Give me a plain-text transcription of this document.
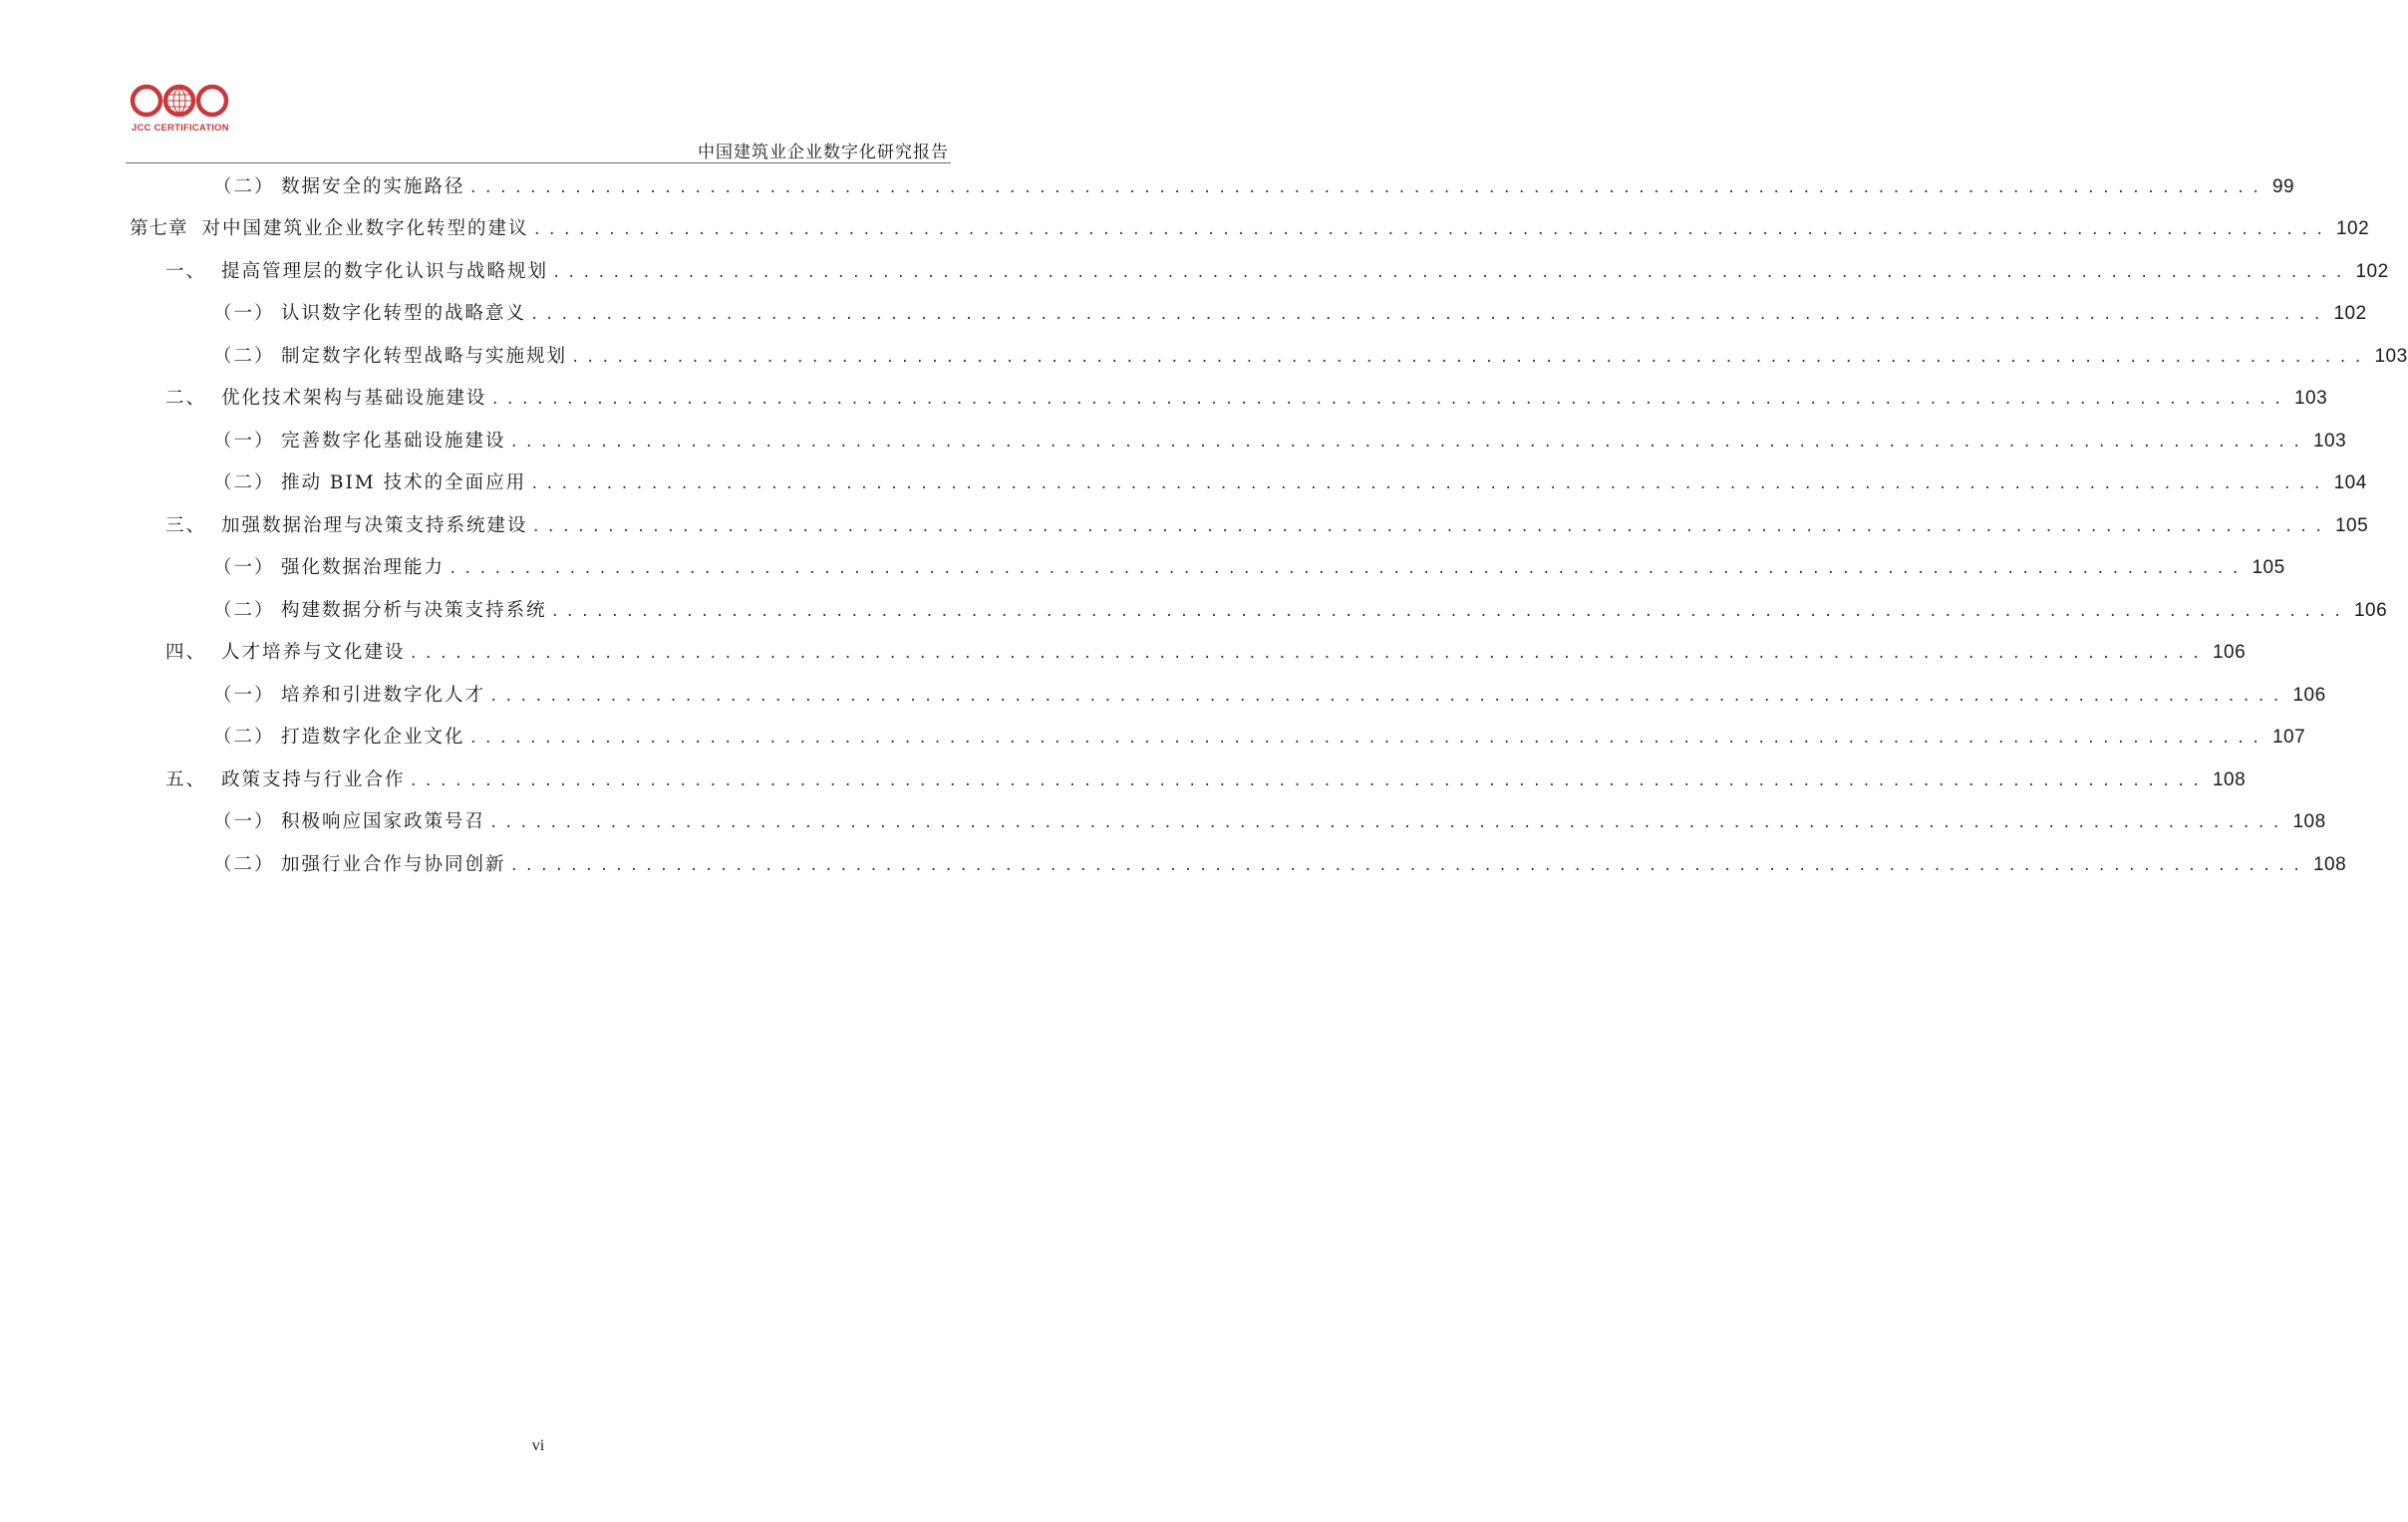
JCC CERTIFICATION
中国建筑业企业数字化研究报告
（二） 数据安全的实施路径 ........................................................................................................................ 99
第七章 对中国建筑业企业数字化转型的建议 ........................................................................................................................ 102
一、 提高管理层的数字化认识与战略规划 ........................................................................................................................ 102
（一） 认识数字化转型的战略意义 ........................................................................................................................ 102
（二） 制定数字化转型战略与实施规划 ........................................................................................................................ 103
二、 优化技术架构与基础设施建设 ........................................................................................................................ 103
（一） 完善数字化基础设施建设 ........................................................................................................................ 103
（二） 推动 BIM 技术的全面应用 ........................................................................................................................ 104
三、 加强数据治理与决策支持系统建设 ........................................................................................................................ 105
（一） 强化数据治理能力 ........................................................................................................................ 105
（二） 构建数据分析与决策支持系统 ........................................................................................................................ 106
四、 人才培养与文化建设 ........................................................................................................................ 106
（一） 培养和引进数字化人才 ........................................................................................................................ 106
（二） 打造数字化企业文化 ........................................................................................................................ 107
五、 政策支持与行业合作 ........................................................................................................................ 108
（一） 积极响应国家政策号召 ........................................................................................................................ 108
（二） 加强行业合作与协同创新 ........................................................................................................................ 108
vi
